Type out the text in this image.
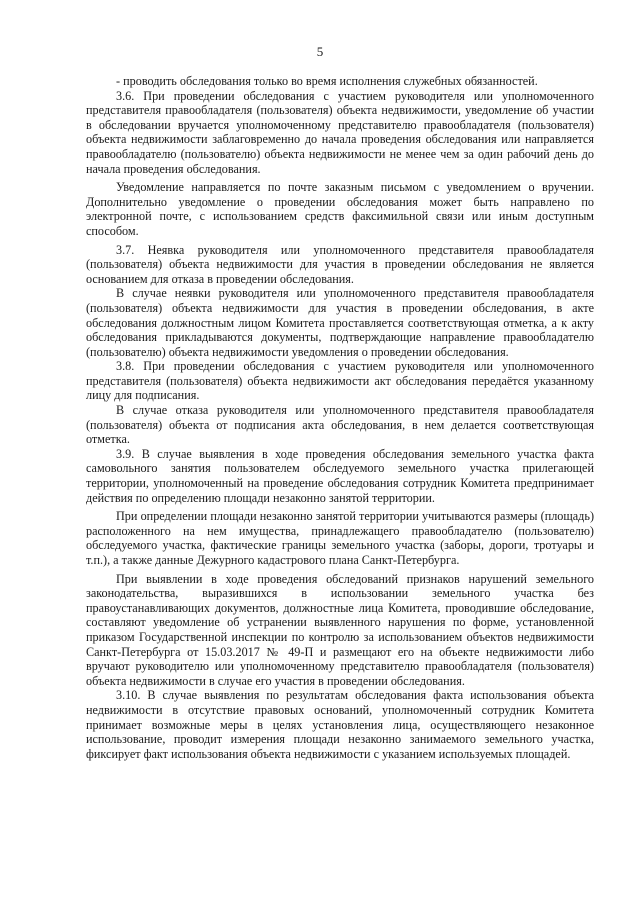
5

- проводить обследования только во время исполнения служебных обязанностей.

3.6. При проведении обследования с участием руководителя или уполномоченного представителя правообладателя (пользователя) объекта недвижимости, уведомление об участии в обследовании вручается уполномоченному представителю правообладателя (пользователя) объекта недвижимости заблаговременно до начала проведения обследования или направляется правообладателю (пользователю) объекта недвижимости не менее чем за один рабочий день до начала проведения обследования.

Уведомление направляется по почте заказным письмом с уведомлением о вручении. Дополнительно уведомление о проведении обследования может быть направлено по электронной почте, с использованием средств факсимильной связи или иным доступным способом.

3.7. Неявка руководителя или уполномоченного представителя правообладателя (пользователя) объекта недвижимости для участия в проведении обследования не является основанием для отказа в проведении обследования.

В случае неявки руководителя или уполномоченного представителя правообладателя (пользователя) объекта недвижимости для участия в проведении обследования, в акте обследования должностным лицом Комитета проставляется соответствующая отметка, а к акту обследования прикладываются документы, подтверждающие направление правообладателю (пользователю) объекта недвижимости уведомления о проведении обследования.

3.8. При проведении обследования с участием руководителя или уполномоченного представителя (пользователя) объекта недвижимости акт обследования передаётся указанному лицу для подписания.

В случае отказа руководителя или уполномоченного представителя правообладателя (пользователя) объекта от подписания акта обследования, в нем делается соответствующая отметка.

3.9. В случае выявления в ходе проведения обследования земельного участка факта самовольного занятия пользователем обследуемого земельного участка прилегающей территории, уполномоченный на проведение обследования сотрудник Комитета предпринимает действия по определению площади незаконно занятой территории.

При определении площади незаконно занятой территории учитываются размеры (площадь) расположенного на нем имущества, принадлежащего правообладателю (пользователю) обследуемого участка, фактические границы земельного участка (заборы, дороги, тротуары и т.п.), а также данные Дежурного кадастрового плана Санкт-Петербурга.

При выявлении в ходе проведения обследований признаков нарушений земельного законодательства, выразившихся в использовании земельного участка без правоустанавливающих документов, должностные лица Комитета, проводившие обследование, составляют уведомление об устранении выявленного нарушения по форме, установленной приказом Государственной инспекции по контролю за использованием объектов недвижимости Санкт-Петербурга от 15.03.2017 № 49-П и размещают его на объекте недвижимости либо вручают руководителю или уполномоченному представителю правообладателя (пользователя) объекта недвижимости в случае его участия в проведении обследования.

3.10. В случае выявления по результатам обследования факта использования объекта недвижимости в отсутствие правовых оснований, уполномоченный сотрудник Комитета принимает возможные меры в целях установления лица, осуществляющего незаконное использование, проводит измерения площади незаконно занимаемого земельного участка, фиксирует факт использования объекта недвижимости с указанием используемых площадей.
